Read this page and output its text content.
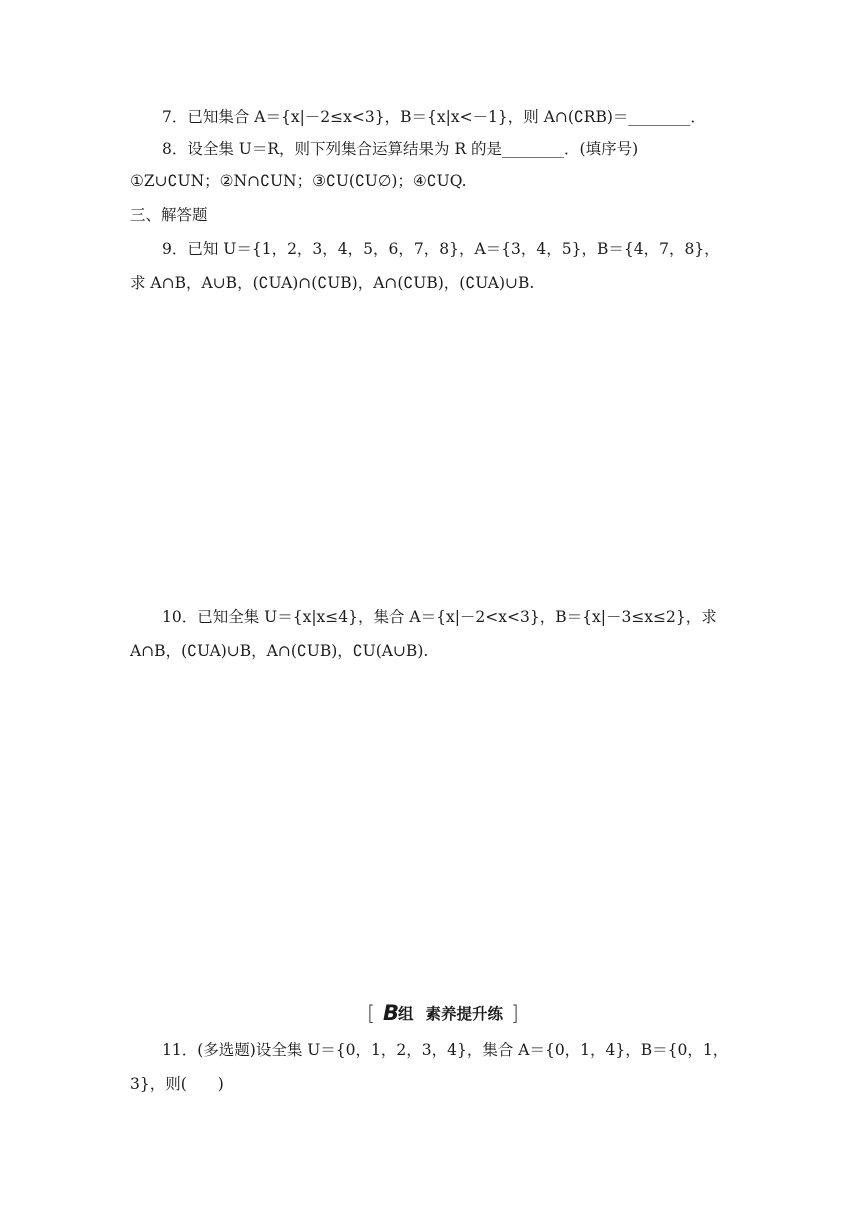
7．已知集合 A＝{x|－2≤x<3}，B＝{x|x<－1}，则 A∩(∁RB)＝________．
8．设全集 U＝R，则下列集合运算结果为 R 的是________．(填序号)
①Z∪∁UN；②N∩∁UN；③∁U(∁U∅)；④∁UQ.
三、解答题
9．已知 U＝{1，2，3，4，5，6，7，8}，A＝{3，4，5}，B＝{4，7，8}，
求 A∩B，A∪B，(∁UA)∩(∁UB)，A∩(∁UB)，(∁UA)∪B.
10．已知全集 U＝{x|x≤4}，集合 A＝{x|－2<x<3}，B＝{x|－3≤x≤2}，求
A∩B，(∁UA)∪B，A∩(∁UB)，∁U(A∪B).
[ B 组 素养提升练 ]
11．(多选题)设全集 U＝{0，1，2，3，4}，集合 A＝{0，1，4}，B＝{0，1，
3}，则(　　)
